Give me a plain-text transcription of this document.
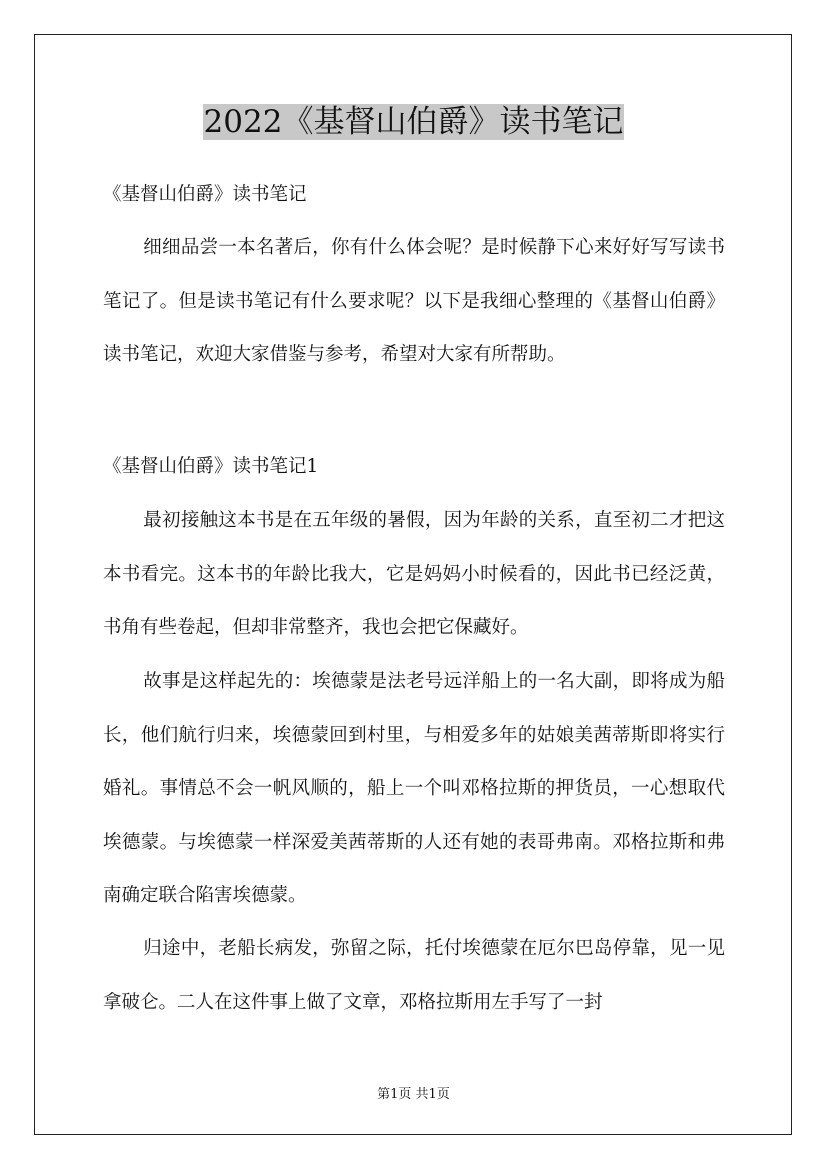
2022《基督山伯爵》读书笔记
《基督山伯爵》读书笔记
细细品尝一本名著后，你有什么体会呢？是时候静下心来好好写写读书笔记了。但是读书笔记有什么要求呢？以下是我细心整理的《基督山伯爵》读书笔记，欢迎大家借鉴与参考，希望对大家有所帮助。
《基督山伯爵》读书笔记1
最初接触这本书是在五年级的暑假，因为年龄的关系，直至初二才把这本书看完。这本书的年龄比我大，它是妈妈小时候看的，因此书已经泛黄，书角有些卷起，但却非常整齐，我也会把它保藏好。
故事是这样起先的：埃德蒙是法老号远洋船上的一名大副，即将成为船长，他们航行归来，埃德蒙回到村里，与相爱多年的姑娘美茜蒂斯即将实行婚礼。事情总不会一帆风顺的，船上一个叫邓格拉斯的押货员，一心想取代埃德蒙。与埃德蒙一样深爱美茜蒂斯的人还有她的表哥弗南。邓格拉斯和弗南确定联合陷害埃德蒙。
归途中，老船长病发，弥留之际，托付埃德蒙在厄尔巴岛停靠，见一见拿破仑。二人在这件事上做了文章，邓格拉斯用左手写了一封
第1页 共1页
